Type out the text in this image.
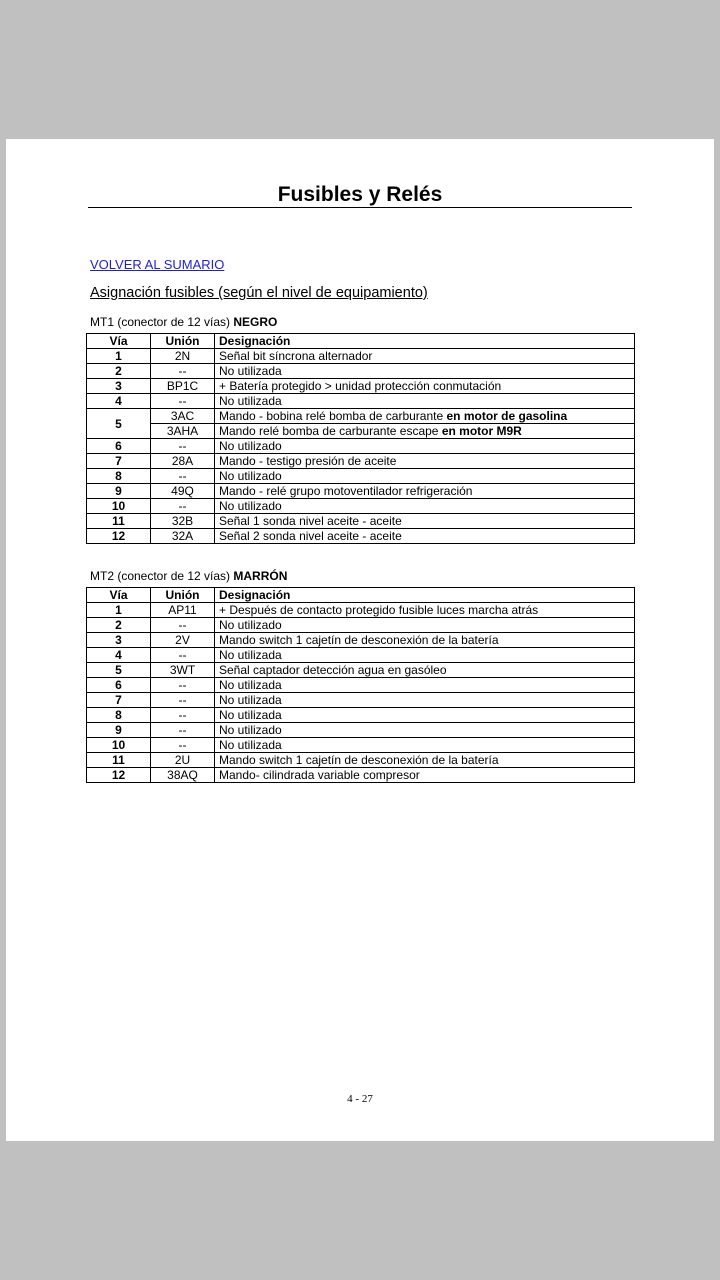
Fusibles y Relés
VOLVER AL SUMARIO
Asignación fusibles (según el nivel de equipamiento)
MT1 (conector de 12 vías) NEGRO
Vía	Unión	Designación
1	2N	Señal bit síncrona alternador
2	--	No utilizada
3	BP1C	+ Batería protegido > unidad protección conmutación
4	--	No utilizada
5	3AC	Mando - bobina relé bomba de carburante en motor de gasolina
	3AHA	Mando relé bomba de carburante escape en motor M9R
6	--	No utilizado
7	28A	Mando - testigo presión de aceite
8	--	No utilizado
9	49Q	Mando - relé grupo motoventilador refrigeración
10	--	No utilizado
11	32B	Señal 1 sonda nivel aceite - aceite
12	32A	Señal 2 sonda nivel aceite - aceite
MT2 (conector de 12 vías) MARRÓN
Vía	Unión	Designación
1	AP11	+ Después de contacto protegido fusible luces marcha atrás
2	--	No utilizado
3	2V	Mando switch 1 cajetín de desconexión de la batería
4	--	No utilizada
5	3WT	Señal captador detección agua en gasóleo
6	--	No utilizada
7	--	No utilizada
8	--	No utilizada
9	--	No utilizado
10	--	No utilizada
11	2U	Mando switch 1 cajetín de desconexión de la batería
12	38AQ	Mando- cilindrada variable compresor
4 - 27
